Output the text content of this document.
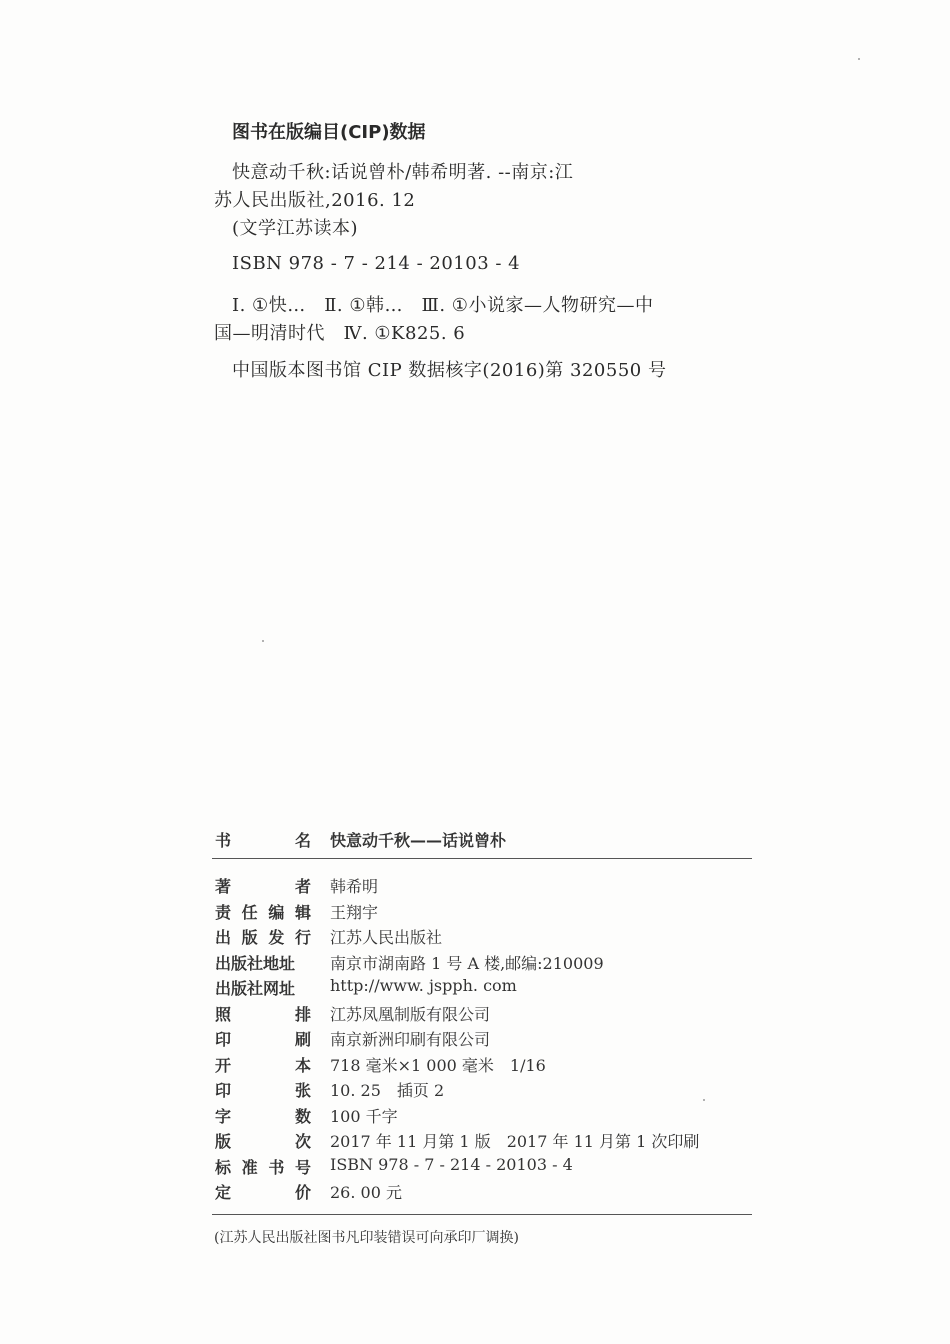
图书在版编目(CIP)数据
快意动千秋:话说曾朴/韩希明著. --南京:江
苏人民出版社,2016. 12
(文学江苏读本)
ISBN 978 - 7 - 214 - 20103 - 4
Ⅰ. ①快…　Ⅱ. ①韩…　Ⅲ. ①小说家—人物研究—中
国—明清时代　Ⅳ. ①K825. 6
中国版本图书馆 CIP 数据核字(2016)第 320550 号
书	名 快意动千秋——话说曾朴
著	者 韩希明
责 任 编 辑 王翔宇
出 版 发 行 江苏人民出版社
出版社地址 南京市湖南路 1 号 A 楼,邮编:210009
出版社网址 http://www. jspph. com
照	排 江苏凤凰制版有限公司
印	刷 南京新洲印刷有限公司
开	本 718 毫米×1 000 毫米　1/16
印	张 10. 25　插页 2
字	数 100 千字
版	次 2017 年 11 月第 1 版　2017 年 11 月第 1 次印刷
标 准 书 号 ISBN 978 - 7 - 214 - 20103 - 4
定	价 26. 00 元
(江苏人民出版社图书凡印装错误可向承印厂调换)
